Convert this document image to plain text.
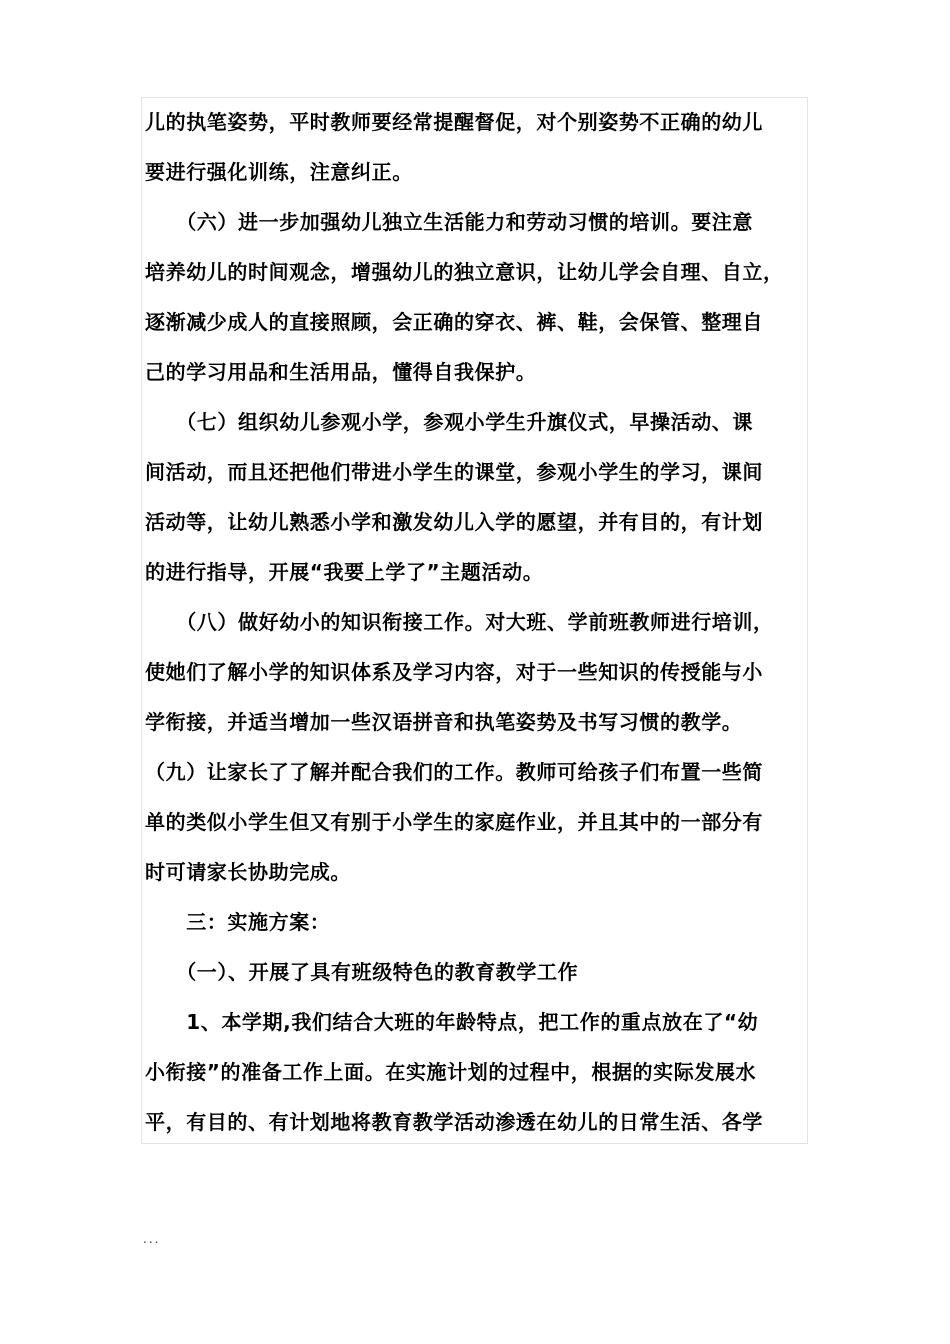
儿的执笔姿势，平时教师要经常提醒督促，对个别姿势不正确的幼儿
要进行强化训练，注意纠正。
　　（六）进一步加强幼儿独立生活能力和劳动习惯的培训。要注意
培养幼儿的时间观念，增强幼儿的独立意识，让幼儿学会自理、自立，
逐渐减少成人的直接照顾，会正确的穿衣、裤、鞋，会保管、整理自
己的学习用品和生活用品，懂得自我保护。
　　（七）组织幼儿参观小学，参观小学生升旗仪式，早操活动、课
间活动，而且还把他们带进小学生的课堂，参观小学生的学习，课间
活动等，让幼儿熟悉小学和激发幼儿入学的愿望，并有目的，有计划
的进行指导，开展“我要上学了”主题活动。
　　（八）做好幼小的知识衔接工作。对大班、学前班教师进行培训，
使她们了解小学的知识体系及学习内容，对于一些知识的传授能与小
学衔接，并适当增加一些汉语拼音和执笔姿势及书写习惯的教学。
（九）让家长了了解并配合我们的工作。教师可给孩子们布置一些简
单的类似小学生但又有别于小学生的家庭作业，并且其中的一部分有
时可请家长协助完成。
　　三：实施方案：
　　（一）、开展了具有班级特色的教育教学工作
　　1、本学期,我们结合大班的年龄特点，把工作的重点放在了“幼
小衔接”的准备工作上面。在实施计划的过程中，根据的实际发展水
平，有目的、有计划地将教育教学活动渗透在幼儿的日常生活、各学
...
